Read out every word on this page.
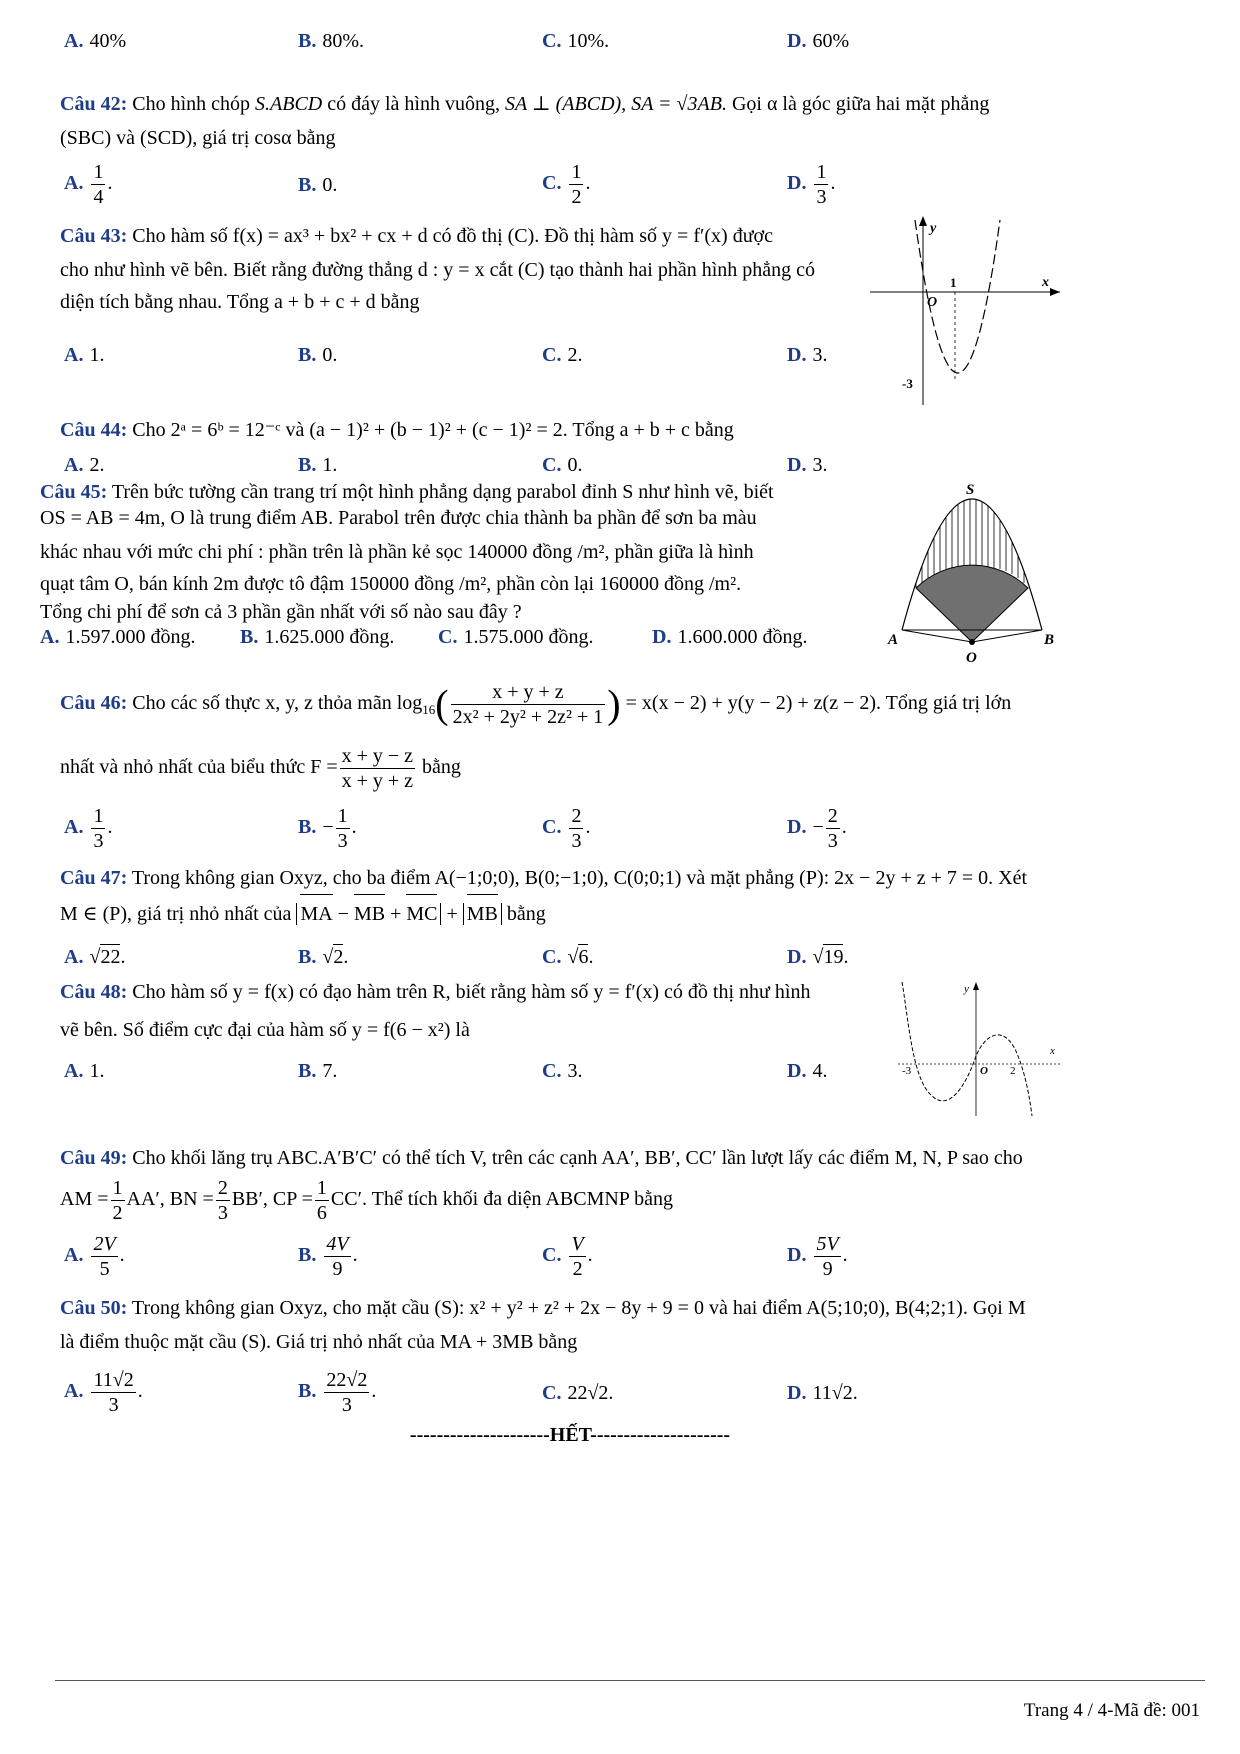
A. 40%	B. 80%.	C. 10%.	D. 60%
Câu 42: Cho hình chóp S.ABCD có đáy là hình vuông, SA ⊥ (ABCD), SA = √3AB. Gọi α là góc giữa hai mặt phẳng
(SBC) và (SCD), giá trị cosα bằng
A. $\frac{1}{4}$ .	B. 0.	C. $\frac{1}{2}$ .	D. $\frac{1}{3}$ .
Câu 43: Cho hàm số f(x) = ax³ + bx² + cx + d có đồ thị (C). Đồ thị hàm số y = f′(x) được
cho như hình vẽ bên. Biết rằng đường thẳng d : y = x cắt (C) tạo thành hai phần hình phẳng có
diện tích bằng nhau. Tổng a + b + c + d bằng
A. 1.	B. 0.	C. 2.	D. 3.
y
x
O
1
-3
Câu 44: Cho 2ᵃ = 6ᵇ = 12⁻ᶜ và (a − 1)² + (b − 1)² + (c − 1)² = 2. Tổng a + b + c bằng
A. 2.	B. 1.	C. 0.	D. 3.
Câu 45: Trên bức tường cần trang trí một hình phẳng dạng parabol đỉnh S như hình vẽ, biết
OS = AB = 4m, O là trung điểm AB. Parabol trên được chia thành ba phần để sơn ba màu
khác nhau với mức chi phí : phần trên là phần kẻ sọc 140000 đồng /m², phần giữa là hình
quạt tâm O, bán kính 2m được tô đậm 150000 đồng /m², phần còn lại 160000 đồng /m².
Tổng chi phí để sơn cả 3 phần gần nhất với số nào sau đây ?
A. 1.597.000 đồng. B. 1.625.000 đồng. C. 1.575.000 đồng.	D. 1.600.000 đồng.
S
A	B
O
Câu 46: Cho các số thực x, y, z thỏa mãn $\log_{16}( \frac{x + y + z}{\text{2x² + 2y² + 2z² + 1}}$ ) = x(x − 2) + y(y − 2) + z(z − 2). Tổng giá trị lớn
nhất và nhỏ nhất của biểu thức $F = \frac{x + y - z}{x + y + z}$ bằng
A. $\frac{1}{3}$ .	B. − $\frac{1}{3}$ .	C. $\frac{2}{3}$ .	D. − $\frac{2}{3}$ .
Câu 47: Trong không gian Oxyz, cho ba điểm A(−1;0;0), B(0;−1;0), C(0;0;1) và mặt phẳng (P): 2x − 2y + z + 7 = 0. Xét
M ∈ (P), giá trị nhỏ nhất của MA − MB + MC + MB bằng
A. √22.	B. √2.	C. √6.	D. √19.
Câu 48: Cho hàm số y = f(x) có đạo hàm trên R, biết rằng hàm số y = f′(x) có đồ thị như hình
vẽ bên. Số điểm cực đại của hàm số y = f(6 − x²) là
A. 1.	B. 7.	C. 3.	D. 4.
y
x
O
-3	2
Câu 49: Cho khối lăng trụ ABC.A′B′C′ có thể tích V, trên các cạnh AA′, BB′, CC′ lần lượt lấy các điểm M, N, P sao cho
AM = $\frac{1}{2} AA'$, BN = $\frac{2}{3} BB'$, CP = $\frac{1}{6} CC'$. Thể tích khối đa diện ABCMNP bằng
A. $\frac{2V}{5}$ .	B. $\frac{4V}{9}$ .	C. $\frac{V}{2}$ .	D. $\frac{5V}{9}$ .
Câu 50: Trong không gian Oxyz, cho mặt cầu (S): x² + y² + z² + 2x − 8y + 9 = 0 và hai điểm A(5;10;0), B(4;2;1). Gọi M
là điểm thuộc mặt cầu (S). Giá trị nhỏ nhất của MA + 3MB bằng
A. $\frac{11√2}{3}$ .	B. $\frac{22√2}{3}$ .	C. 22√2.	D. 11√2.
---------------------HẾT---------------------
Trang 4 / 4-Mã đề: 001
